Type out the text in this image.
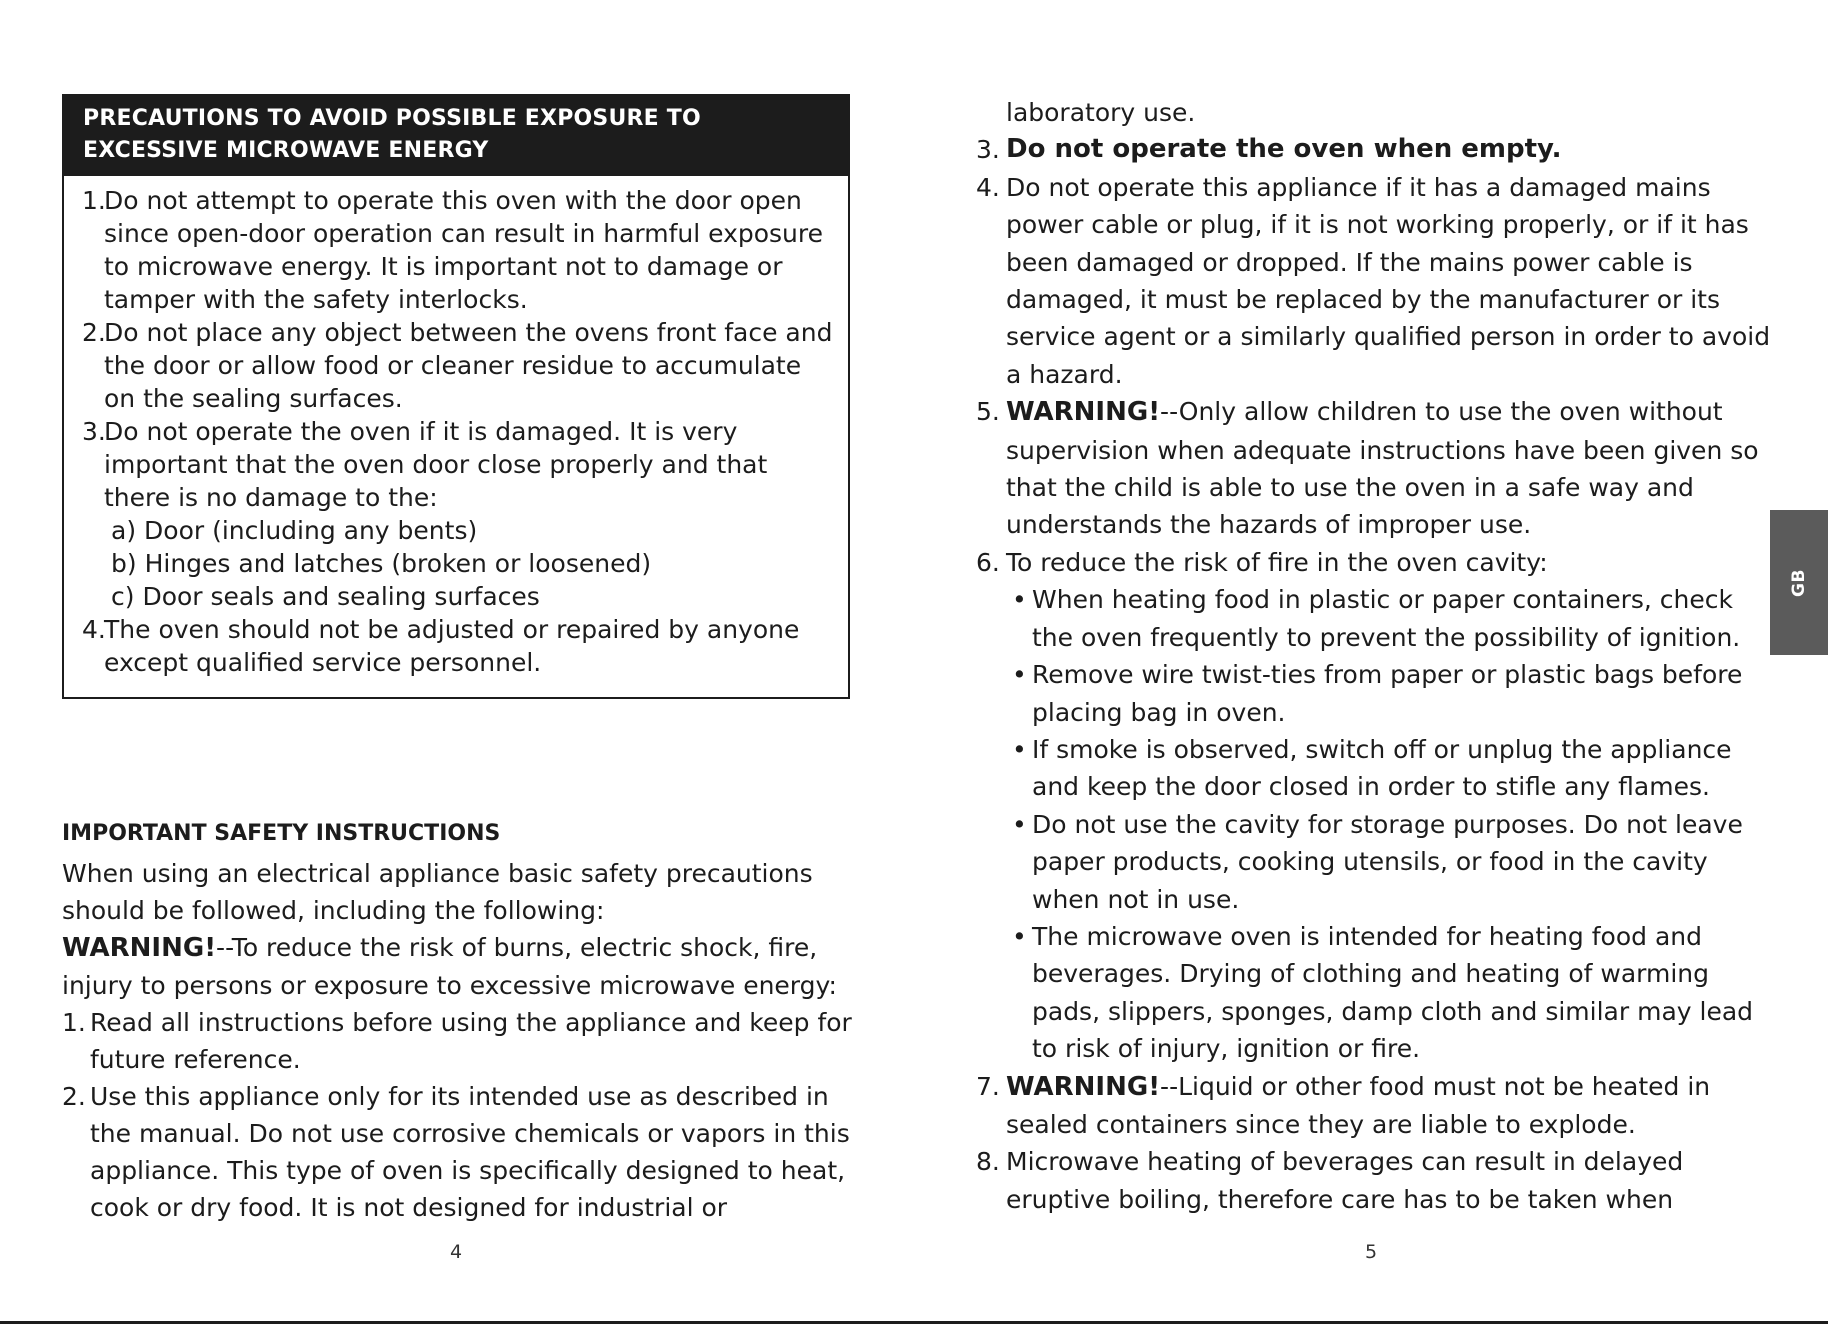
PRECAUTIONS TO AVOID POSSIBLE EXPOSURE TO EXCESSIVE MICROWAVE ENERGY
1.
Do not attempt to operate this oven with the door open since open-door operation can result in harmful exposure to microwave energy. It is important not to damage or tamper with the safety interlocks.
2.
Do not place any object between the ovens front face and the door or allow food or cleaner residue to accumulate on the sealing surfaces.
3.
Do not operate the oven if it is damaged. It is very important that the oven door close properly and that there is no damage to the:
a) Door (including any bents)
b) Hinges and latches (broken or loosened)
c) Door seals and sealing surfaces
4.
The oven should not be adjusted or repaired by anyone except qualified service personnel.
IMPORTANT SAFETY INSTRUCTIONS
When using an electrical appliance basic safety precautions should be followed, including the following:
WARNING!--To reduce the risk of burns, electric shock, fire, injury to persons or exposure to excessive microwave energy:
1. Read all instructions before using the appliance and keep for future reference.
2. Use this appliance only for its intended use as described in the manual. Do not use corrosive chemicals or vapors in this appliance. This type of oven is specifically designed to heat, cook or dry food. It is not designed for industrial or
4
laboratory use.
3. Do not operate the oven when empty.
4. Do not operate this appliance if it has a damaged mains power cable or plug, if it is not working properly, or if it has been damaged or dropped. If the mains power cable is damaged, it must be replaced by the manufacturer or its service agent or a similarly qualified person in order to avoid a hazard.
5. WARNING!--Only allow children to use the oven without supervision when adequate instructions have been given so that the child is able to use the oven in a safe way and understands the hazards of improper use.
6. To reduce the risk of fire in the oven cavity:
• When heating food in plastic or paper containers, check the oven frequently to prevent the possibility of ignition.
• Remove wire twist-ties from paper or plastic bags before placing bag in oven.
• If smoke is observed, switch off or unplug the appliance and keep the door closed in order to stifle any flames.
• Do not use the cavity for storage purposes. Do not leave paper products, cooking utensils, or food in the cavity when not in use.
• The microwave oven is intended for heating food and beverages. Drying of clothing and heating of warming pads, slippers, sponges, damp cloth and similar may lead to risk of injury, ignition or fire.
7. WARNING!--Liquid or other food must not be heated in sealed containers since they are liable to explode.
8. Microwave heating of beverages can result in delayed eruptive boiling, therefore care has to be taken when
5
GB
